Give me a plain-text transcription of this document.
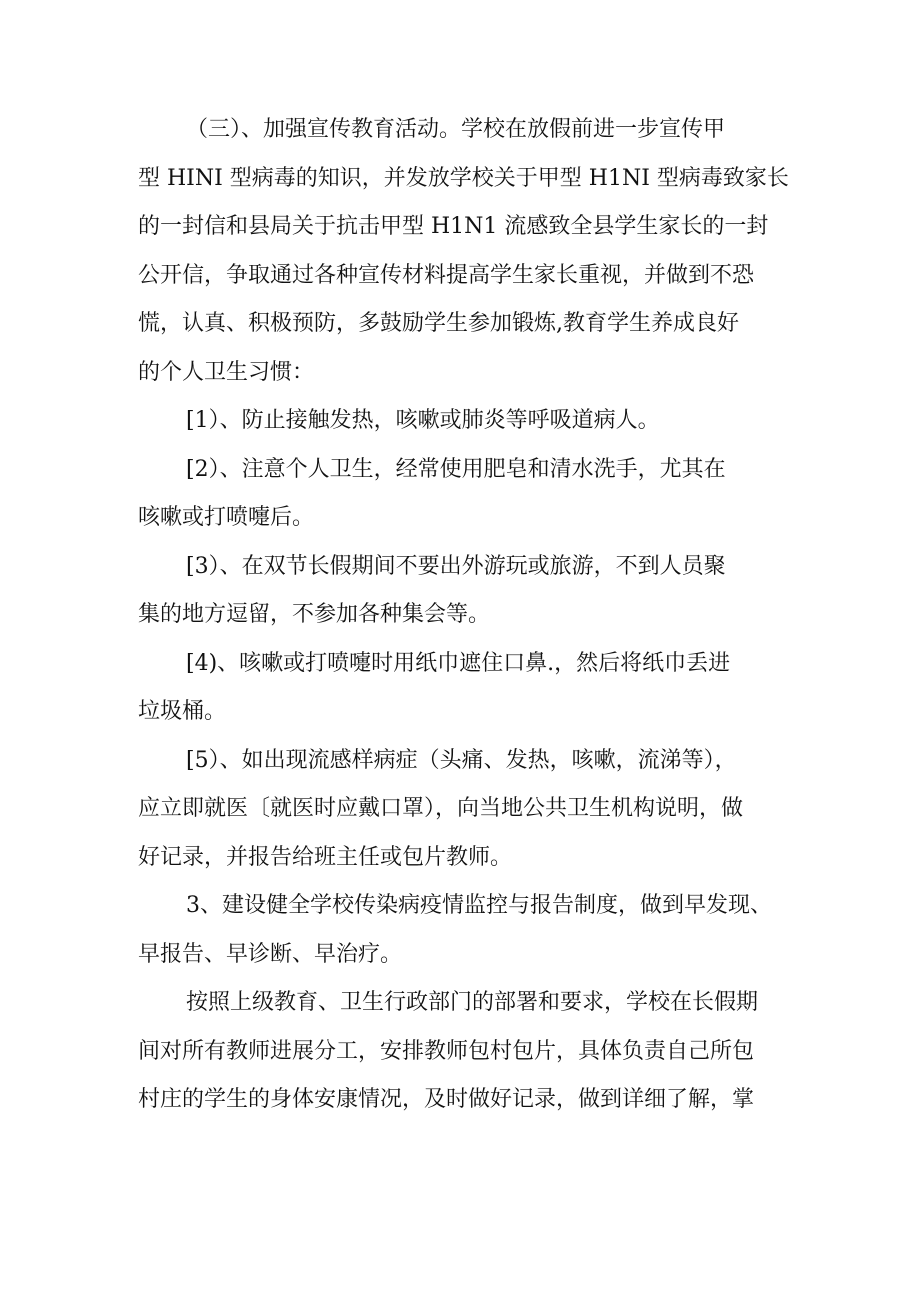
（三）、加强宣传教育活动。学校在放假前进一步宣传甲
型 HINI 型病毒的知识，并发放学校关于甲型 H1NI 型病毒致家长
的一封信和县局关于抗击甲型 H1N1 流感致全县学生家长的一封
公开信，争取通过各种宣传材料提高学生家长重视，并做到不恐
慌，认真、积极预防，多鼓励学生参加锻炼,教育学生养成良好
的个人卫生习惯：
[1）、防止接触发热，咳嗽或肺炎等呼吸道病人。
[2）、注意个人卫生，经常使用肥皂和清水洗手，尤其在
咳嗽或打喷嚏后。
[3）、在双节长假期间不要出外游玩或旅游，不到人员聚
集的地方逗留，不参加各种集会等。
[4)、咳嗽或打喷嚏时用纸巾遮住口鼻.，然后将纸巾丢进
垃圾桶。
[5）、如出现流感样病症（头痛、发热，咳嗽，流涕等），
应立即就医〔就医时应戴口罩），向当地公共卫生机构说明，做
好记录，并报告给班主任或包片教师。
3、建设健全学校传染病疫情监控与报告制度，做到早发现、
早报告、早诊断、早治疗。
按照上级教育、卫生行政部门的部署和要求，学校在长假期
间对所有教师进展分工，安排教师包村包片，具体负责自己所包
村庄的学生的身体安康情况，及时做好记录，做到详细了解，掌
